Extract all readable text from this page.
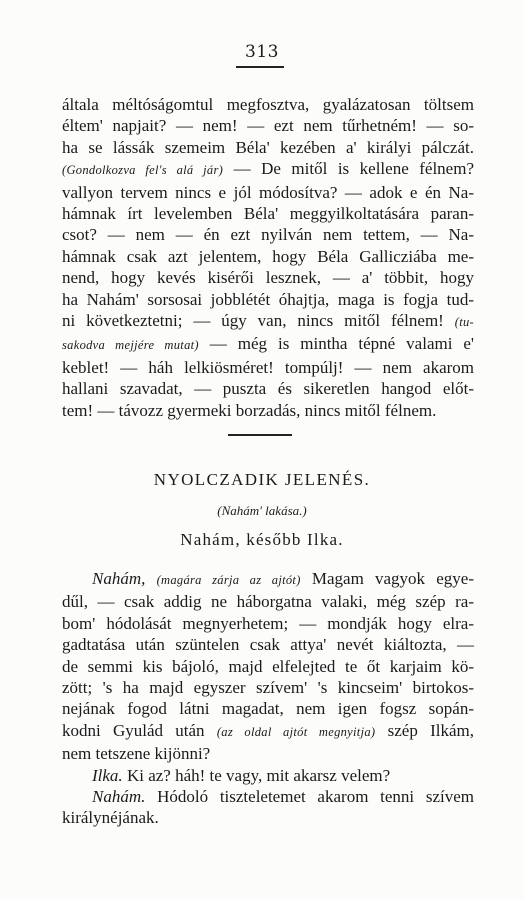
313
általa méltóságomtul megfosztva, gyalázatosan töltsem
éltem' napjait? — nem! — ezt nem tűrhetném! — so-
ha se lássák szemeim Béla' kezében a' királyi pálczát.
(Gondolkozva fel's alá jár) — De mitől is kellene félnem?
vallyon tervem nincs e jól módosítva? — adok e én Na-
hámnak írt levelemben Béla' meggyilkoltatására paran-
csot? — nem — én ezt nyilván nem tettem, — Na-
hámnak csak azt jelentem, hogy Béla Gallicziába me-
nend, hogy kevés kisérői lesznek, — a' többit, hogy
ha Nahám' sorsosai jobblétét óhajtja, maga is fogja tud-
ni következtetni; — úgy van, nincs mitől félnem! (tu-
sakodva mejjére mutat) — még is mintha tépné valami e'
keblet! — háh lelkiösméret! tompúlj! — nem akarom
hallani szavadat, — puszta és sikeretlen hangod előt-
tem! — távozz gyermeki borzadás, nincs mitől félnem.
NYOLCZADIK JELENÉS.
(Nahám' lakása.)
Nahám, később Ilka.
Nahám, (magára zárja az ajtót) Magam vagyok egye-
dűl, — csak addig ne háborgatna valaki, még szép ra-
bom' hódolását megnyerhetem; — mondják hogy elra-
gadtatása után szüntelen csak attya' nevét kiáltozta, —
de semmi kis bájoló, majd elfelejted te őt karjaim kö-
zött; 's ha majd egyszer szívem' 's kincseim' birtokos-
nejának fogod látni magadat, nem igen fogsz sopán-
kodni Gyulád után (az oldal ajtót megnyitja) szép Ilkám,
nem tetszene kijönni?
Ilka. Ki az? háh! te vagy, mit akarsz velem?
Nahám. Hódoló tiszteletemet akarom tenni szívem
királynéjának.
